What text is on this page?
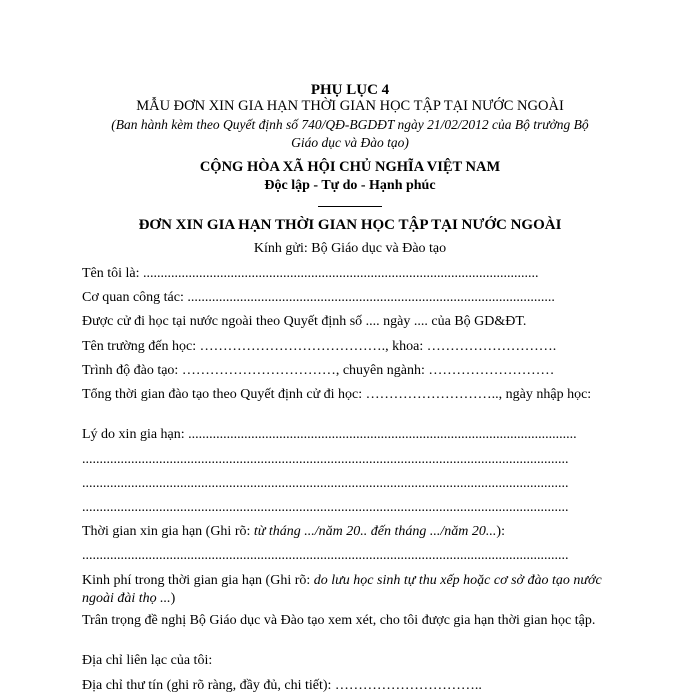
PHỤ LỤC 4
MẪU ĐƠN XIN GIA HẠN THỜI GIAN HỌC TẬP TẠI NƯỚC NGOÀI
(Ban hành kèm theo Quyết định số 740/QĐ-BGDĐT ngày 21/02/2012 của Bộ trưởng Bộ
Giáo dục và Đào tạo)
CỘNG HÒA XÃ HỘI CHỦ NGHĨA VIỆT NAM
Độc lập - Tự do - Hạnh phúc
ĐƠN XIN GIA HẠN THỜI GIAN HỌC TẬP TẠI NƯỚC NGOÀI
Kính gửi: Bộ Giáo dục và Đào tạo
Tên tôi là: .................................................................................................................
Cơ quan công tác: .........................................................................................................
Được cử đi học tại nước ngoài theo Quyết định số .... ngày .... của Bộ GD&ĐT.
Tên trường đến học: …………………………………., khoa: ……………………….
Trình độ đào tạo: ……………………………, chuyên ngành: ………………………
Tổng thời gian đào tạo theo Quyết định cử đi học: ……………………….., ngày nhập học:
Lý do xin gia hạn: ...............................................................................................................
...........................................................................................................................................
...........................................................................................................................................
...........................................................................................................................................
Thời gian xin gia hạn (Ghi rõ: từ tháng .../năm 20.. đến tháng .../năm 20...):
...........................................................................................................................................
Kinh phí trong thời gian gia hạn (Ghi rõ: do lưu học sinh tự thu xếp hoặc cơ sở đào tạo nước ngoài đài thọ ...)
Trân trọng đề nghị Bộ Giáo dục và Đào tạo xem xét, cho tôi được gia hạn thời gian học tập.
Địa chỉ liên lạc của tôi:
Địa chỉ thư tín (ghi rõ ràng, đầy đủ, chi tiết): …………………………..
